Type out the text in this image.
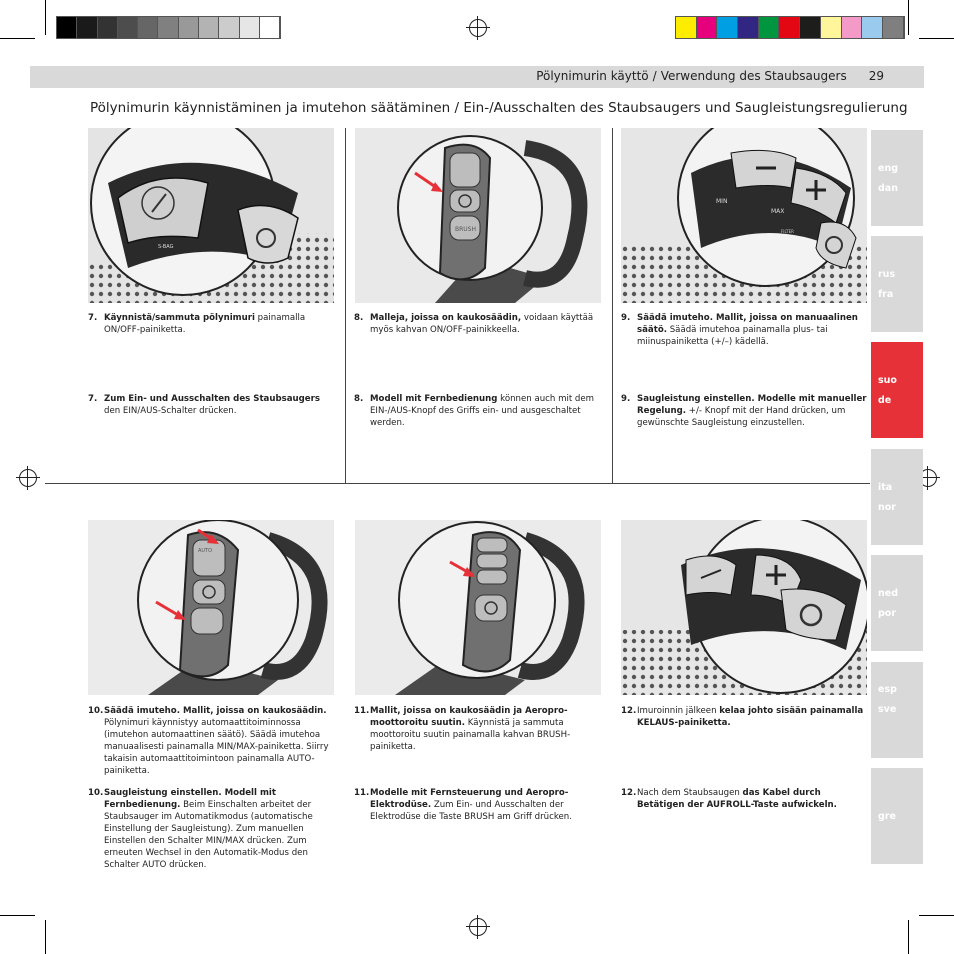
Pölynimurin käyttö / Verwendung des Staubsaugers 29
Pölynimurin käynnistäminen ja imutehon säätäminen / Ein-/Ausschalten des Staubsaugers und Saugleistungsregulierung
S-BAG
BRUSH
MIN
MAX
FILTER
AUTO
7. Käynnistä/sammuta pölynimuri painamalla ON/OFF-painiketta.
8. Malleja, joissa on kaukosäädin, voidaan käyttää myös kahvan ON/OFF-painikkeella.
9. Säädä imuteho. Mallit, joissa on manuaalinen säätö. Säädä imutehoa painamalla plus- tai miinuspainiketta (+/–) kädellä.
7. Zum Ein- und Ausschalten des Staubsaugers den EIN/AUS-Schalter drücken.
8. Modell mit Fernbedienung können auch mit dem EIN-/AUS-Knopf des Griffs ein- und ausgeschaltet werden.
9. Saugleistung einstellen. Modelle mit manueller Regelung. +/- Knopf mit der Hand drücken, um gewünschte Saugleistung einzustellen.
10. Säädä imuteho. Mallit, joissa on kaukosäädin. Pölynimuri käynnistyy automaattitoiminnossa (imutehon automaattinen säätö). Säädä imutehoa manuaalisesti painamalla MIN/MAX-painiketta. Siirry takaisin automaattitoimintoon painamalla AUTO-painiketta.
11. Mallit, joissa on kaukosäädin ja Aeropro-moottoroitu suutin. Käynnistä ja sammuta moottoroitu suutin painamalla kahvan BRUSH-painiketta.
12. Imuroinnin jälkeen kelaa johto sisään painamalla KELAUS-painiketta.
10. Saugleistung einstellen. Modell mit Fernbedienung. Beim Einschalten arbeitet der Staubsauger im Automatikmodus (automatische Einstellung der Saugleistung). Zum manuellen Einstellen den Schalter MIN/MAX drücken. Zum erneuten Wechsel in den Automatik-Modus den Schalter AUTO drücken.
11. Modelle mit Fernsteuerung und Aeropro-Elektrodüse. Zum Ein- und Ausschalten der Elektrodüse die Taste BRUSH am Griff drücken.
12. Nach dem Staubsaugen das Kabel durch Betätigen der AUFROLL-Taste aufwickeln.
eng
dan
rus
fra
suo
de
ita
nor
ned
por
esp
sve
gre
